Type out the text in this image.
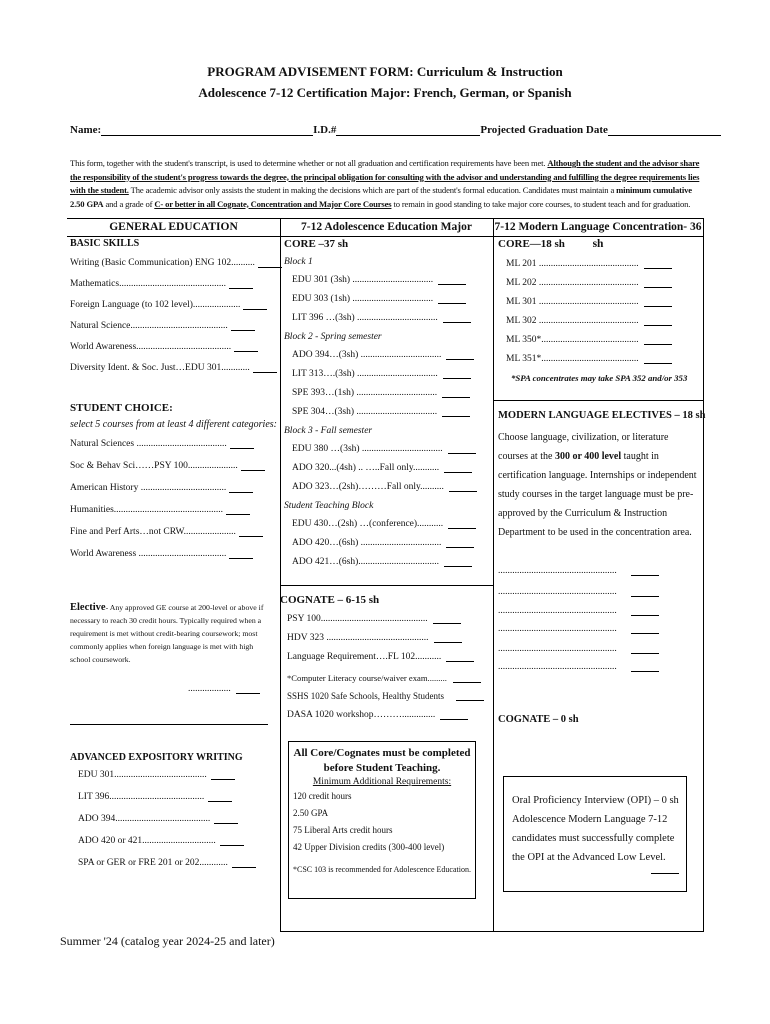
PROGRAM ADVISEMENT FORM: Curriculum & Instruction
Adolescence 7-12 Certification Major: French, German, or Spanish
Name:	I.D.#	Projected Graduation Date
This form, together with the student's transcript, is used to determine whether or not all graduation and certification requirements have been met. Although the student and the advisor share the responsibility of the student's progress towards the degree, the principal obligation for consulting with the advisor and understanding and fulfilling the degree requirements lies with the student. The academic advisor only assists the student in making the decisions which are part of the student's formal education. Candidates must maintain a minimum cumulative 2.50 GPA and a grade of C- or better in all Cognate, Concentration and Major Core Courses to remain in good standing to take major core courses, to student teach and for graduation.
GENERAL EDUCATION	7-12 Adolescence Education Major	7-12 Modern Language Concentration- 36 sh
BASIC SKILLS
Writing (Basic Communication) ENG 102..........
Mathematics.............................................
Foreign Language (to 102 level)....................
Natural Science.........................................
World Awareness........................................
Diversity Ident. & Soc. Just…EDU 301............
STUDENT CHOICE:
select 5 courses from at least 4 different categories:
Natural Sciences ......................................
Soc & Behav Sci……PSY 100.....................
American History ....................................
Humanities..............................................
Fine and Perf Arts…not CRW......................
World Awareness .....................................
Elective- Any approved GE course at 200-level or above if necessary to reach 30 credit hours. Typically required when a requirement is met without credit-bearing coursework; most commonly applies when foreign language is met with high school coursework.
..................
ADVANCED EXPOSITORY WRITING
EDU 301.......................................
LIT 396........................................
ADO 394........................................
ADO 420 or 421...............................
SPA or GER or FRE 201 or 202............
CORE –37 sh
Block 1
EDU 301 (3sh) ..................................
EDU 303 (1sh) ..................................
LIT 396 …(3sh) ..................................
Block 2 - Spring semester
ADO 394…(3sh) ..................................
LIT 313….(3sh) ..................................
SPE 393…(1sh) ..................................
SPE 304…(3sh) ..................................
Block 3 - Fall semester
EDU 380 …(3sh) ..................................
ADO 320...(4sh) .. …..Fall only...........
ADO 323…(2sh)………Fall only..........
Student Teaching Block
EDU 430…(2sh) …(conference)...........
ADO 420…(6sh) ..................................
ADO 421…(6sh)..................................
COGNATE – 6-15 sh
PSY 100.............................................
HDV 323 ...........................................
Language Requirement….FL 102...........
*Computer Literacy course/waiver exam.........
SSHS 1020 Safe Schools, Healthy Students
DASA 1020 workshop………..............
All Core/Cognates must be completed
before Student Teaching.
Minimum Additional Requirements:
120 credit hours
2.50 GPA
75 Liberal Arts credit hours
42 Upper Division credits (300-400 level)
*CSC 103 is recommended for Adolescence Education.
CORE—18 sh
ML 201 ..........................................
ML 202 ..........................................
ML 301 ..........................................
ML 302 ..........................................
ML 350*.........................................
ML 351*.........................................
*SPA concentrates may take SPA 352 and/or 353
MODERN LANGUAGE ELECTIVES – 18 sh
Choose language, civilization, or literature courses at the 300 or 400 level taught in certification language. Internships or independent study courses in the target language must be pre-approved by the Curriculum & Instruction Department to be used in the concentration area.
..................................................
..................................................
..................................................
..................................................
..................................................
..................................................
COGNATE – 0 sh
Oral Proficiency Interview (OPI) – 0 sh Adolescence Modern Language 7-12 candidates must successfully complete the OPI at the Advanced Low Level.
Summer '24 (catalog year 2024-25 and later)
